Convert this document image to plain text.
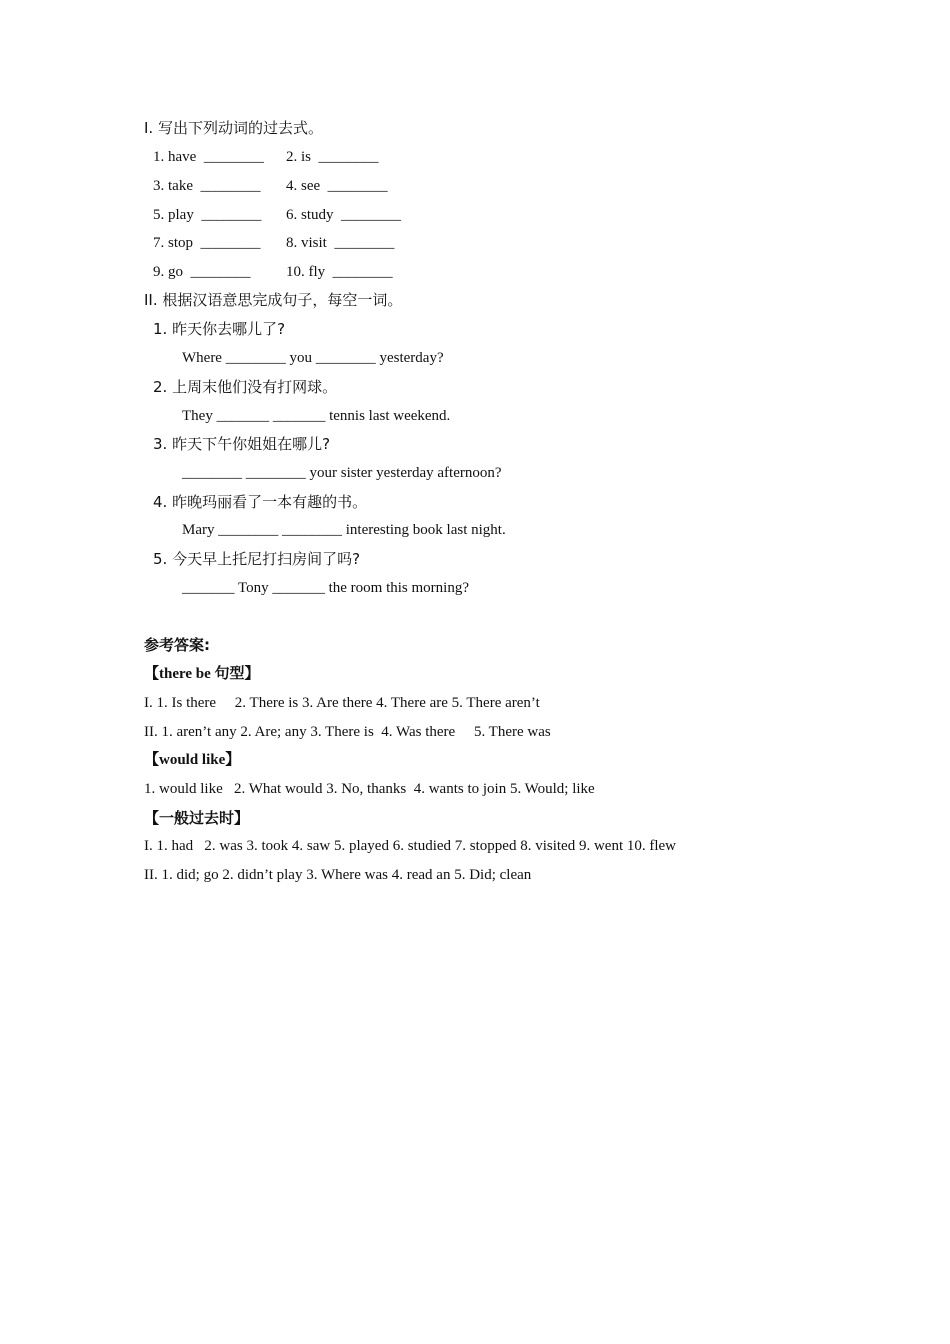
I. 写出下列动词的过去式。
1. have  ________ 2. is  ________
3. take  ________ 4. see  ________
5. play  ________ 6. study  ________
7. stop  ________ 8. visit  ________
9. go  ________ 10. fly  ________
II. 根据汉语意思完成句子，每空一词。
1. 昨天你去哪儿了?
Where ________ you ________ yesterday?
2. 上周末他们没有打网球。
They _______ _______ tennis last weekend.
3. 昨天下午你姐姐在哪儿?
________ ________ your sister yesterday afternoon?
4. 昨晚玛丽看了一本有趣的书。
Mary ________ ________ interesting book last night.
5. 今天早上托尼打扫房间了吗?
_______ Tony _______ the room this morning?
参考答案:
【there be 句型】
I. 1. Is there     2. There is 3. Are there 4. There are 5. There aren’t
II. 1. aren’t any 2. Are; any 3. There is  4. Was there     5. There was
【would like】
1. would like   2. What would 3. No, thanks  4. wants to join 5. Would; like
【一般过去时】
I. 1. had   2. was 3. took 4. saw 5. played 6. studied 7. stopped 8. visited 9. went 10. flew
II. 1. did; go 2. didn’t play 3. Where was 4. read an 5. Did; clean
